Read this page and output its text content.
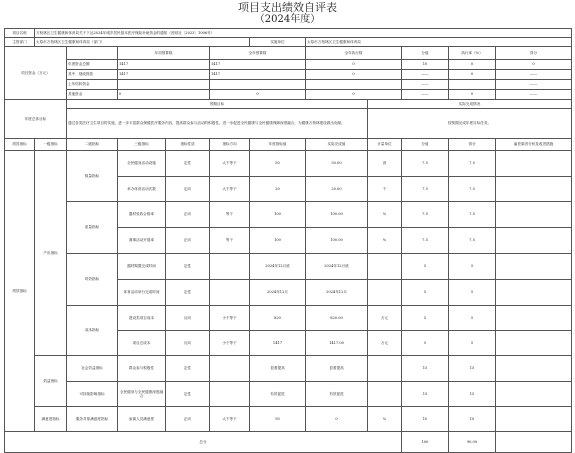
项目支出绩效自评表
（2024年度）
项目名称	万柏林区卫生健康和体育局关于下达2024年城乡居民基本医疗保险补助资金的通知（晋财社〔2023〕1006号）										
主管部门	太原市万柏林区卫生健康和体育局（部门）					实施单位	太原市万柏林区卫生健康和体育局				
项目资金（万元）			年初预算数		全年预算数		全年执行数		分值	执行率（%）	得分
		年度资金总额	1417		1417		0		10	0	0
		其中：财政拨款	1417		1417		0		——	0	——
		上年结转资金							——		——
		其他资金	0		0		0		——	0	——
年度总体目标		预期目标						实际完成情况			
		通过各类医疗卫生项目的实施，进一步丰富群众保健医疗服务内容，提高群众参与活动的积极性，进一步促进全民健康与全民健康保障深度融合，为健康万柏林建设做出贡献。						按预期完成年度目标任务。			
绩效指标	一级指标	二级指标	三级指标	指标性质	指标方向	年度指标值	实际完成值	计量单位	分值	得分	偏差原因分析及改进措施
绩效指标	产出指标	数量指标	全民健身活动设施	定性	大于等于	50	50.00	套	7.5	7.5	
			举办体育活动次数	定向	大于等于	20	20.00	个	7.5	7.5	
		质量指标	器材验收合格率	正向	等于	100	100.00	%	7.5	7.5	
			赛事活动开展率	正向	等于	100	100.00	%	7.5	7.5	
		时效指标	器材购置完成时间	定性		2024年12月底	2024年12月底		5	5	
			体育活动举行完成时间	定性		2024年12月	2024年12月		5	5	
		成本指标	建设类项目成本	反向	小于等于	820	820.00	万元	5	5	
			项目总成本	反向	小于等于	1417	1417.00	万元	5	5	
	效益指标	社会效益指标	群众参与积极性	定性		显著提高	显著提高		15	15	
		可持续影响指标	全民健身与全民健康深度融合	定性		有效促进	有效促进		15	15	
	满意度指标	服务对象满意度指标	参赛人员满意度	正向	大于等于	95	0	%	10	10	
总分									100	90.00	
